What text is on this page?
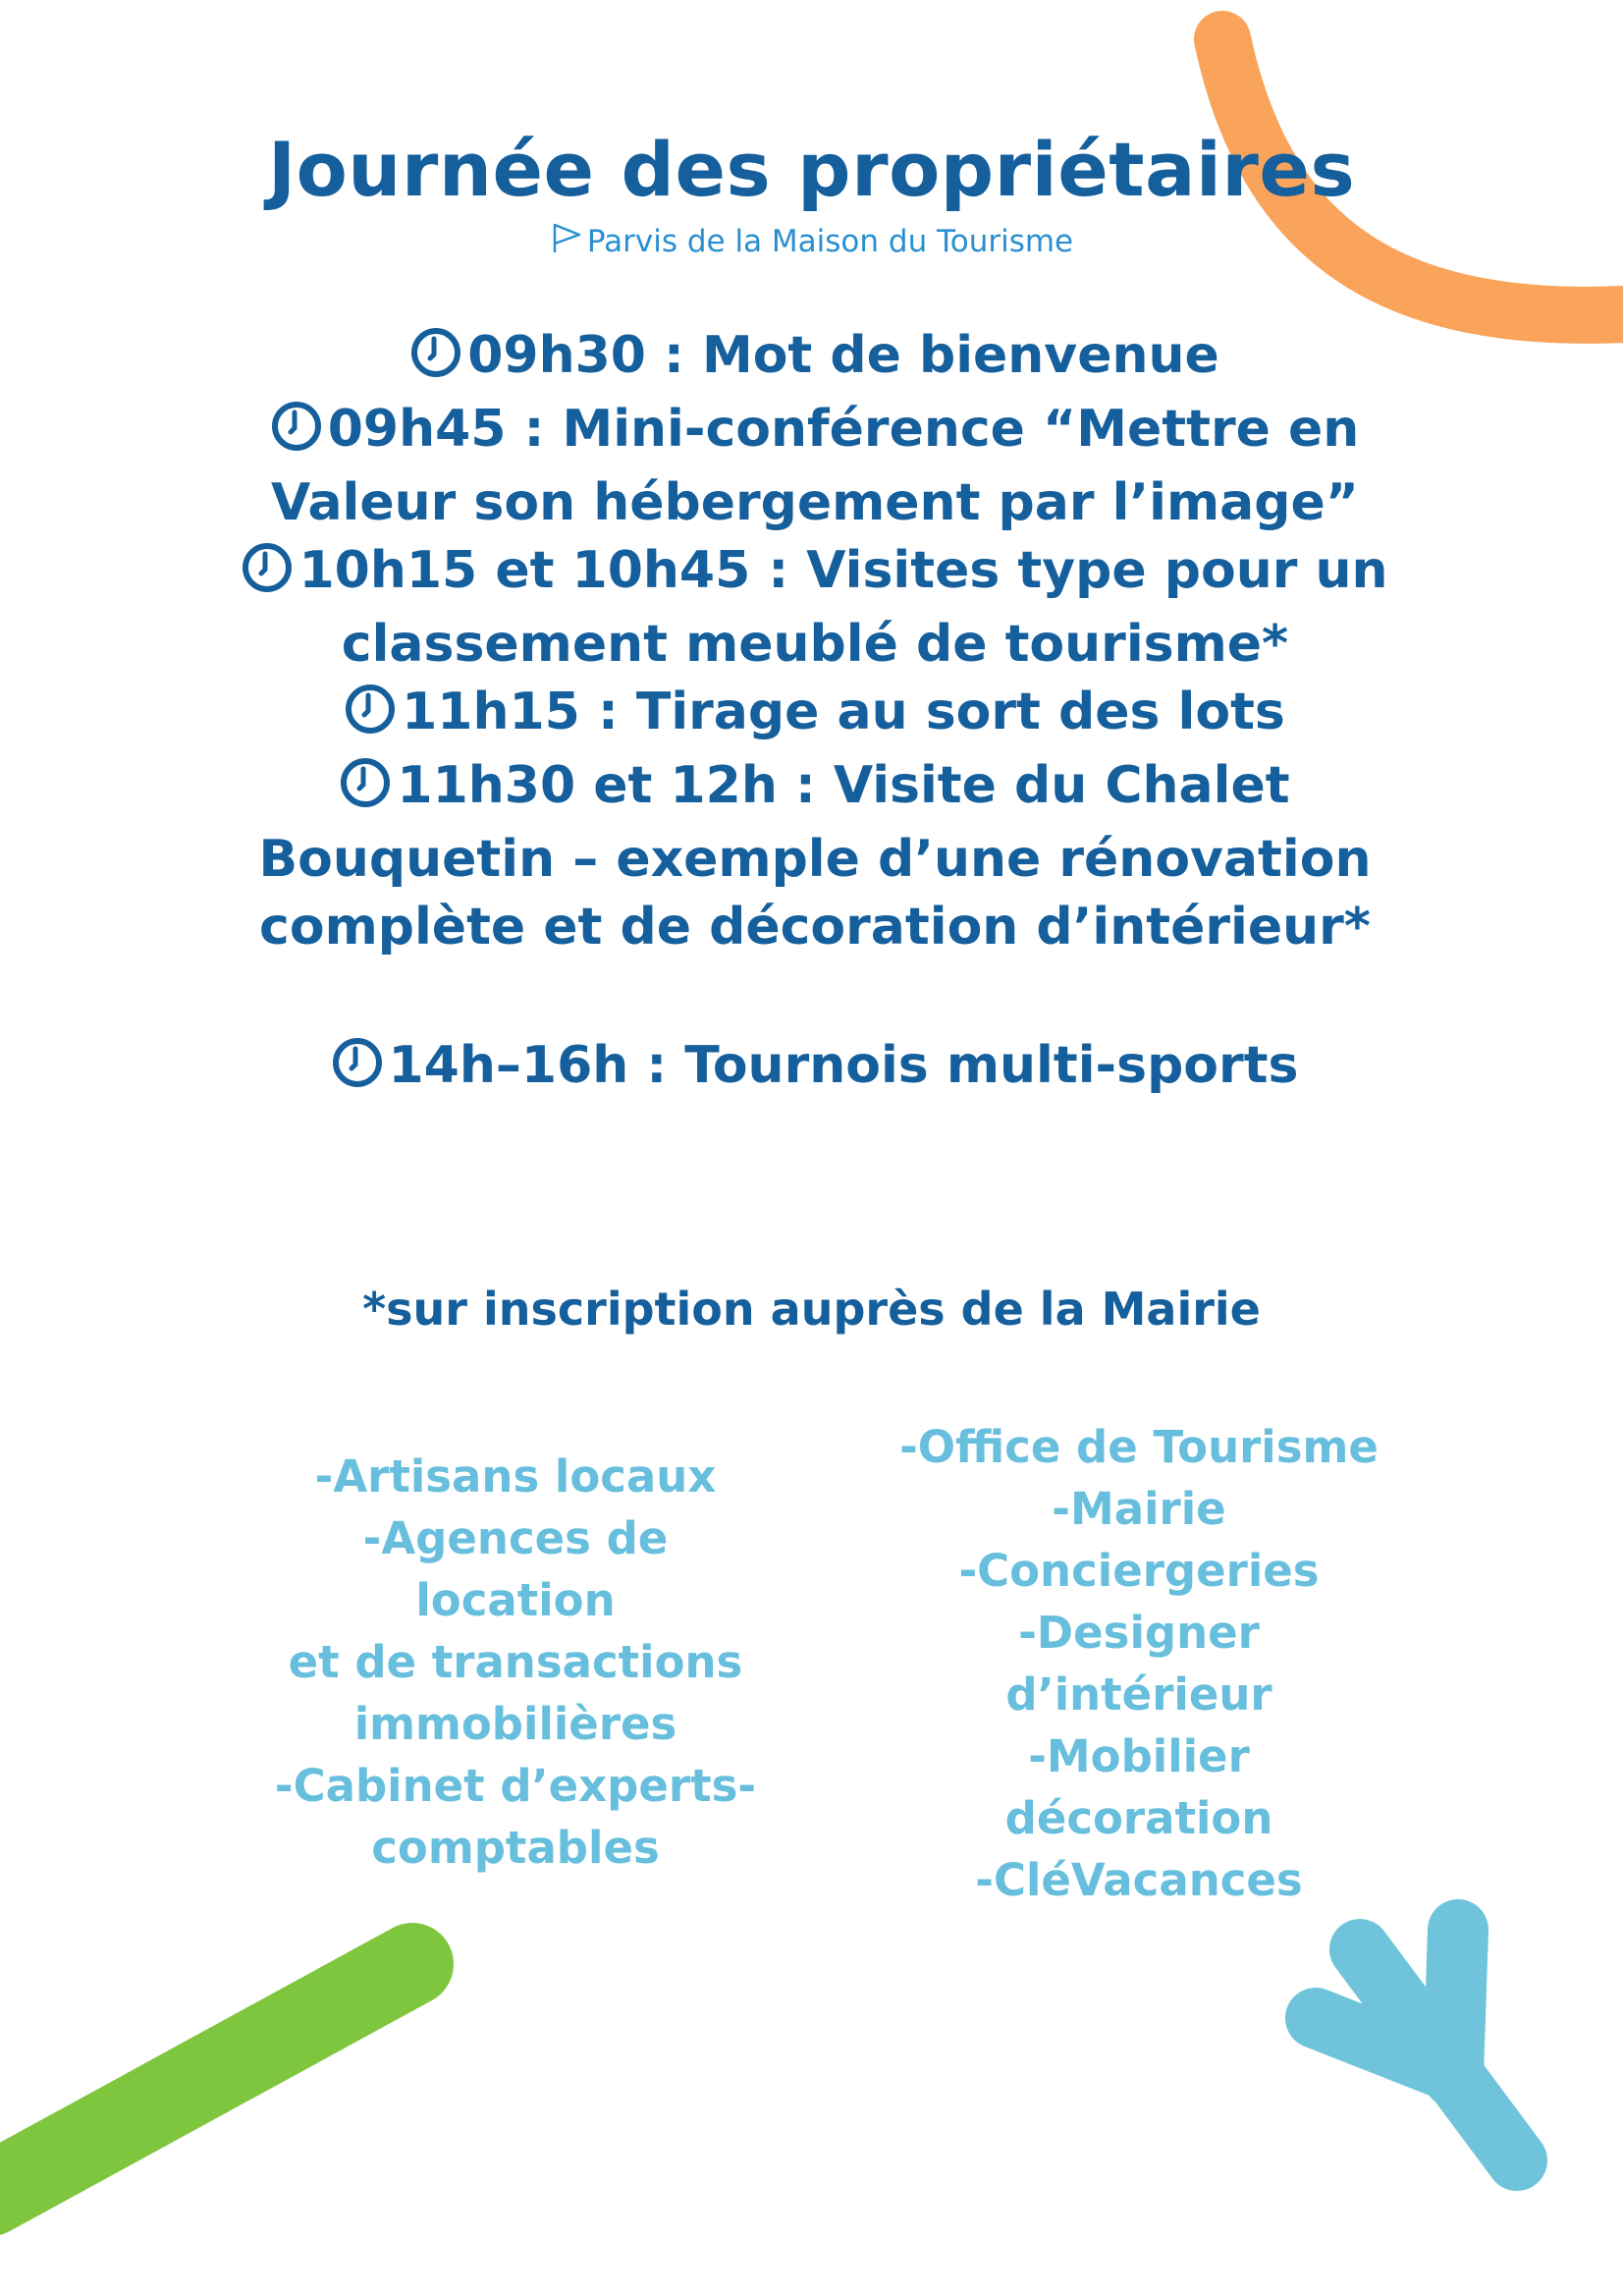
Journée des propriétaires
Parvis de la Maison du Tourisme

09h30 : Mot de bienvenue

09h45 : Mini-conférence “Mettre en Valeur son hébergement par l’image”

10h15 et 10h45 : Visites type pour un classement meublé de tourisme*

11h15 : Tirage au sort des lots

11h30 et 12h : Visite du Chalet Bouquetin – exemple d’une rénovation complète et de décoration d’intérieur*

14h–16h : Tournois multi-sports

*sur inscription auprès de la Mairie
-Artisans locaux
-Agences de
location
et de transactions
immobilières
-Cabinet d’experts-
comptables
-Office de Tourisme
-Mairie
-Conciergeries
-Designer
d’intérieur
-Mobilier
décoration
-CléVacances
